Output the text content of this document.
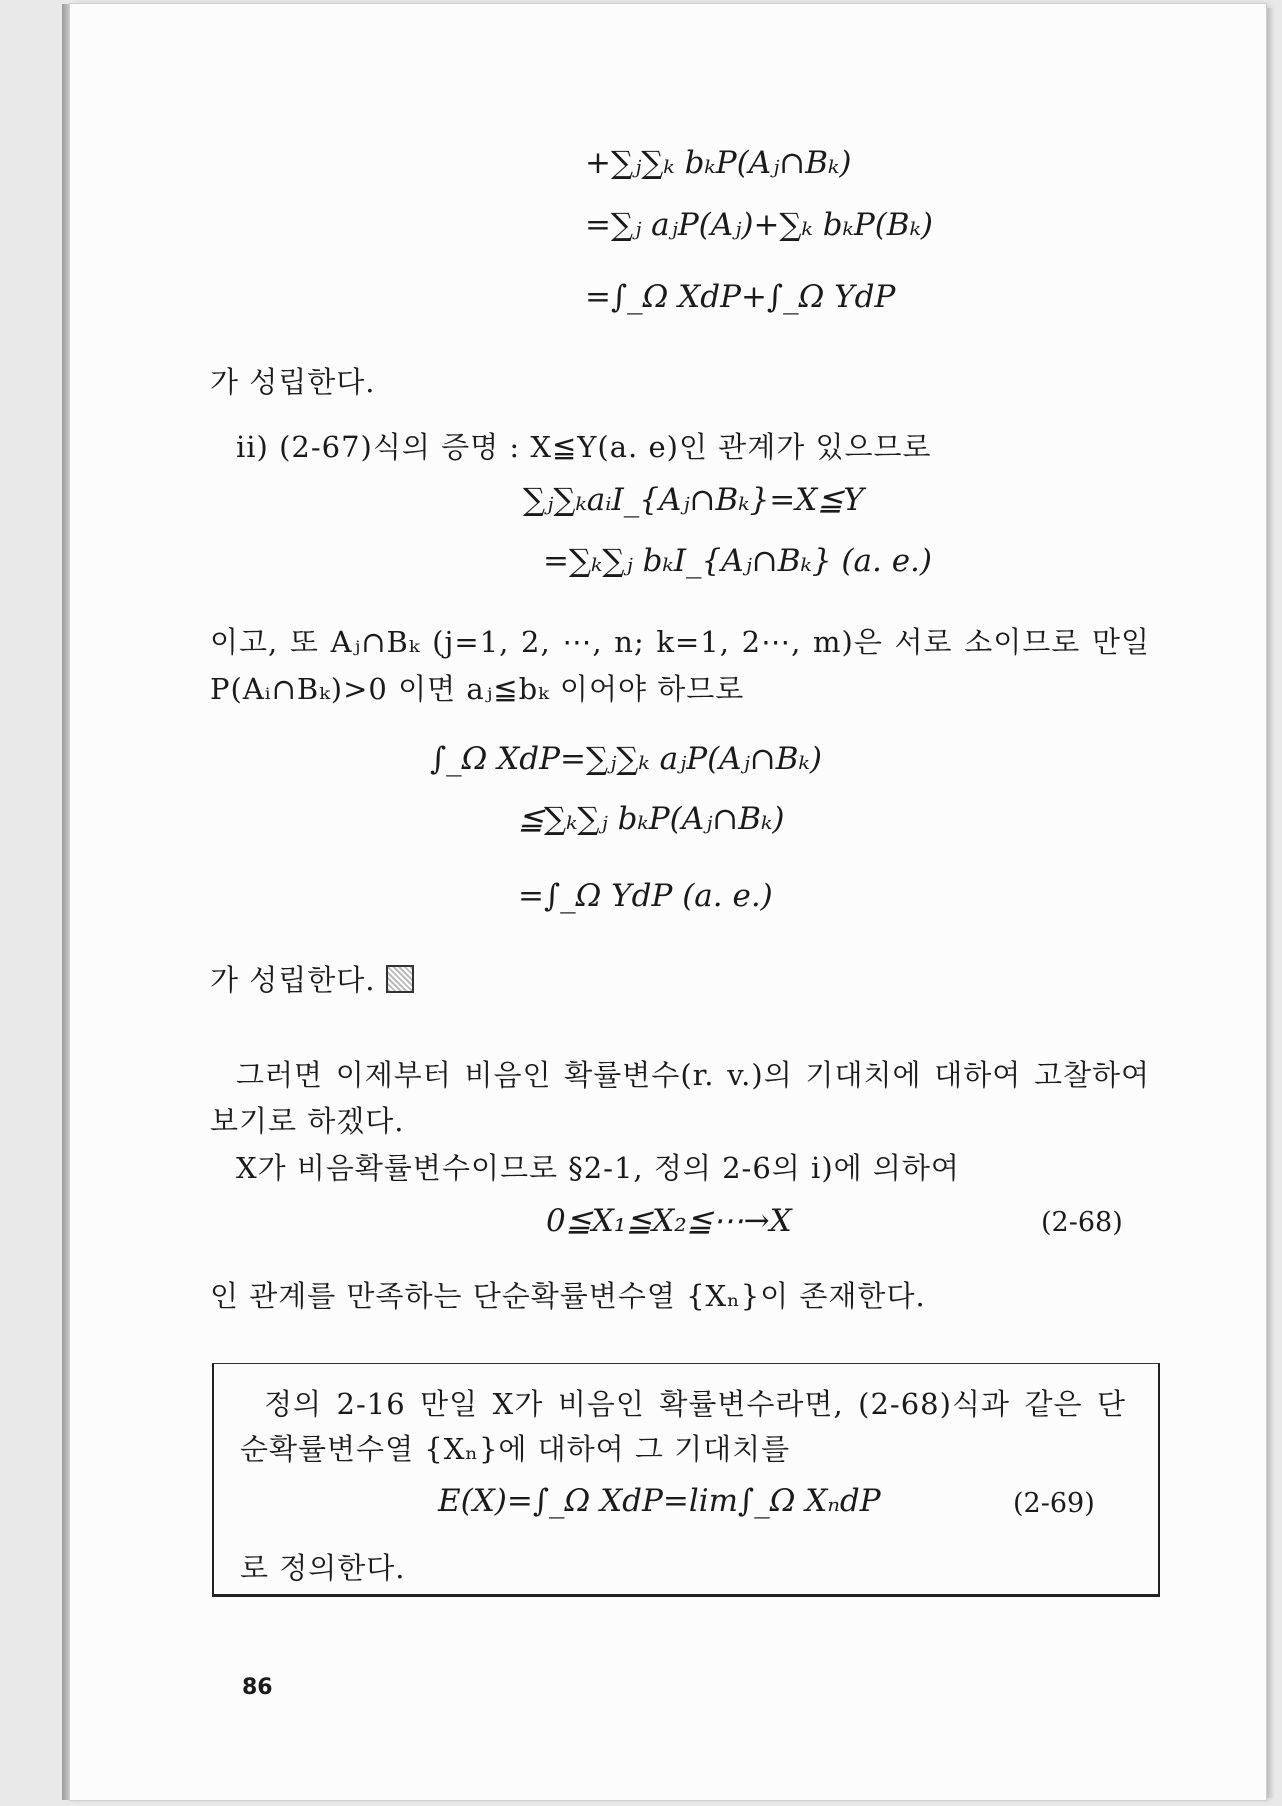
+∑ⱼ∑ₖ bₖP(Aⱼ∩Bₖ)
=∑ⱼ aⱼP(Aⱼ)+∑ₖ bₖP(Bₖ)
=∫_Ω XdP+∫_Ω YdP
가 성립한다.
ii) (2-67)식의 증명 : X≦Y(a. e)인 관계가 있으므로
∑ⱼ∑ₖaᵢI_{Aⱼ∩Bₖ}=X≦Y
=∑ₖ∑ⱼ bₖI_{Aⱼ∩Bₖ} (a. e.)
이고, 또 Aⱼ∩Bₖ (j=1, 2, ⋯, n; k=1, 2⋯, m)은 서로 소이므로 만일
P(Aᵢ∩Bₖ)>0 이면 aⱼ≦bₖ 이어야 하므로
∫_Ω XdP=∑ⱼ∑ₖ aⱼP(Aⱼ∩Bₖ)
≦∑ₖ∑ⱼ bₖP(Aⱼ∩Bₖ)
=∫_Ω YdP (a. e.)
가 성립한다.
그러면 이제부터 비음인 확률변수(r. v.)의 기대치에 대하여 고찰하여
보기로 하겠다.
X가 비음확률변수이므로 §2-1, 정의 2-6의 i)에 의하여
0≦X₁≦X₂≦⋯→X	(2-68)
인 관계를 만족하는 단순확률변수열 {Xₙ}이 존재한다.
정의 2-16 만일 X가 비음인 확률변수라면, (2-68)식과 같은 단
순확률변수열 {Xₙ}에 대하여 그 기대치를
E(X)=∫_Ω XdP=lim∫_Ω XₙdP	(2-69)
로 정의한다.
86
